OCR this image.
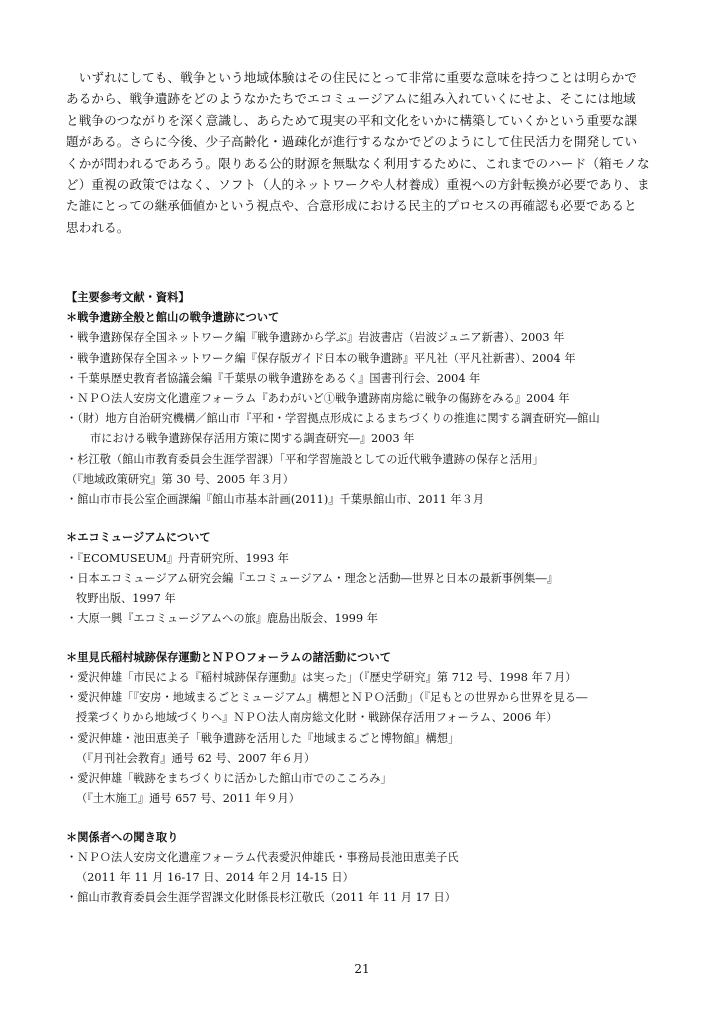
　いずれにしても、戦争という地域体験はその住民にとって非常に重要な意味を持つことは明らかで
あるから、戦争遺跡をどのようなかたちでエコミュージアムに組み入れていくにせよ、そこには地域
と戦争のつながりを深く意識し、あらためて現実の平和文化をいかに構築していくかという重要な課
題がある。さらに今後、少子高齢化・過疎化が進行するなかでどのようにして住民活力を開発してい
くかが問われるであろう。限りある公的財源を無駄なく利用するために、これまでのハード（箱モノな
ど）重視の政策ではなく、ソフト（人的ネットワークや人材養成）重視への方針転換が必要であり、ま
た誰にとっての継承価値かという視点や、合意形成における民主的プロセスの再確認も必要であると
思われる。
【主要参考文献・資料】
＊戦争遺跡全般と館山の戦争遺跡について
・戦争遺跡保存全国ネットワーク編『戦争遺跡から学ぶ』岩波書店（岩波ジュニア新書）、2003 年
・戦争遺跡保存全国ネットワーク編『保存版ガイド日本の戦争遺跡』平凡社（平凡社新書）、2004 年
・千葉県歴史教育者協議会編『千葉県の戦争遺跡をあるく』国書刊行会、2004 年
・ＮＰＯ法人安房文化遺産フォーラム『あわがいど①戦争遺跡南房総に戦争の傷跡をみる』2004 年
・（財）地方自治研究機構／館山市『平和・学習拠点形成によるまちづくりの推進に関する調査研究―館山
市における戦争遺跡保存活用方策に関する調査研究―』2003 年
・杉江敬（館山市教育委員会生涯学習課）「平和学習施設としての近代戦争遺跡の保存と活用」
（『地域政策研究』第 30 号、2005 年３月）
・館山市市長公室企画課編『館山市基本計画(2011)』千葉県館山市、2011 年３月
＊エコミュージアムについて
・『ECOMUSEUM』丹青研究所、1993 年
・日本エコミュージアム研究会編『エコミュージアム・理念と活動―世界と日本の最新事例集―』
牧野出版、1997 年
・大原一興『エコミュージアムへの旅』鹿島出版会、1999 年
＊里見氏稲村城跡保存運動とＮＰＯフォーラムの諸活動について
・愛沢伸雄「市民による『稲村城跡保存運動』は実った」（『歴史学研究』第 712 号、1998 年７月）
・愛沢伸雄「『安房・地域まるごとミュージアム』構想とＮＰＯ活動」（『足もとの世界から世界を見る―
授業づくりから地域づくりへ』ＮＰＯ法人南房総文化財・戦跡保存活用フォーラム、2006 年）
・愛沢伸雄・池田恵美子「戦争遺跡を活用した『地域まるごと博物館』構想」
（『月刊社会教育』通号 62 号、2007 年６月）
・愛沢伸雄「戦跡をまちづくりに活かした館山市でのこころみ」
（『土木施工』通号 657 号、2011 年９月）
＊関係者への聞き取り
・ＮＰＯ法人安房文化遺産フォーラム代表愛沢伸雄氏・事務局長池田恵美子氏
（2011 年 11 月 16-17 日、2014 年２月 14-15 日）
・館山市教育委員会生涯学習課文化財係長杉江敬氏（2011 年 11 月 17 日）
21
